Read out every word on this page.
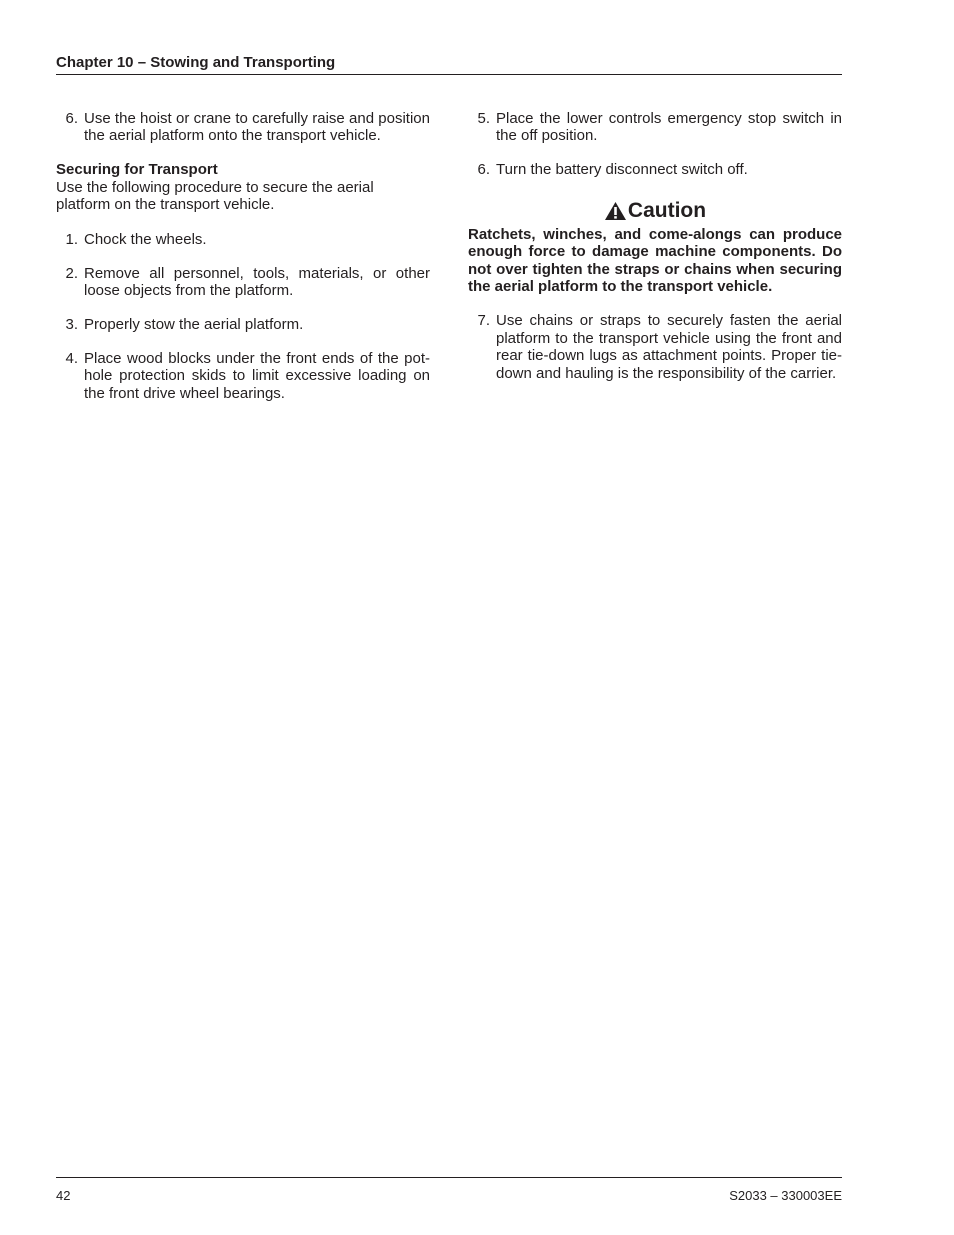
Chapter 10 – Stowing and Transporting
6. Use the hoist or crane to carefully raise and position the aerial platform onto the transport vehicle.
Securing for Transport
Use the following procedure to secure the aerial platform on the transport vehicle.
1. Chock the wheels.
2. Remove all personnel, tools, materials, or other loose objects from the platform.
3. Properly stow the aerial platform.
4. Place wood blocks under the front ends of the pot-hole protection skids to limit excessive loading on the front drive wheel bearings.
5. Place the lower controls emergency stop switch in the off position.
6. Turn the battery disconnect switch off.
Caution
Ratchets, winches, and come-alongs can produce enough force to damage machine components. Do not over tighten the straps or chains when securing the aerial platform to the transport vehicle.
7. Use chains or straps to securely fasten the aerial platform to the transport vehicle using the front and rear tie-down lugs as attachment points. Proper tie-down and hauling is the responsibility of the carrier.
42	S2033 – 330003EE
